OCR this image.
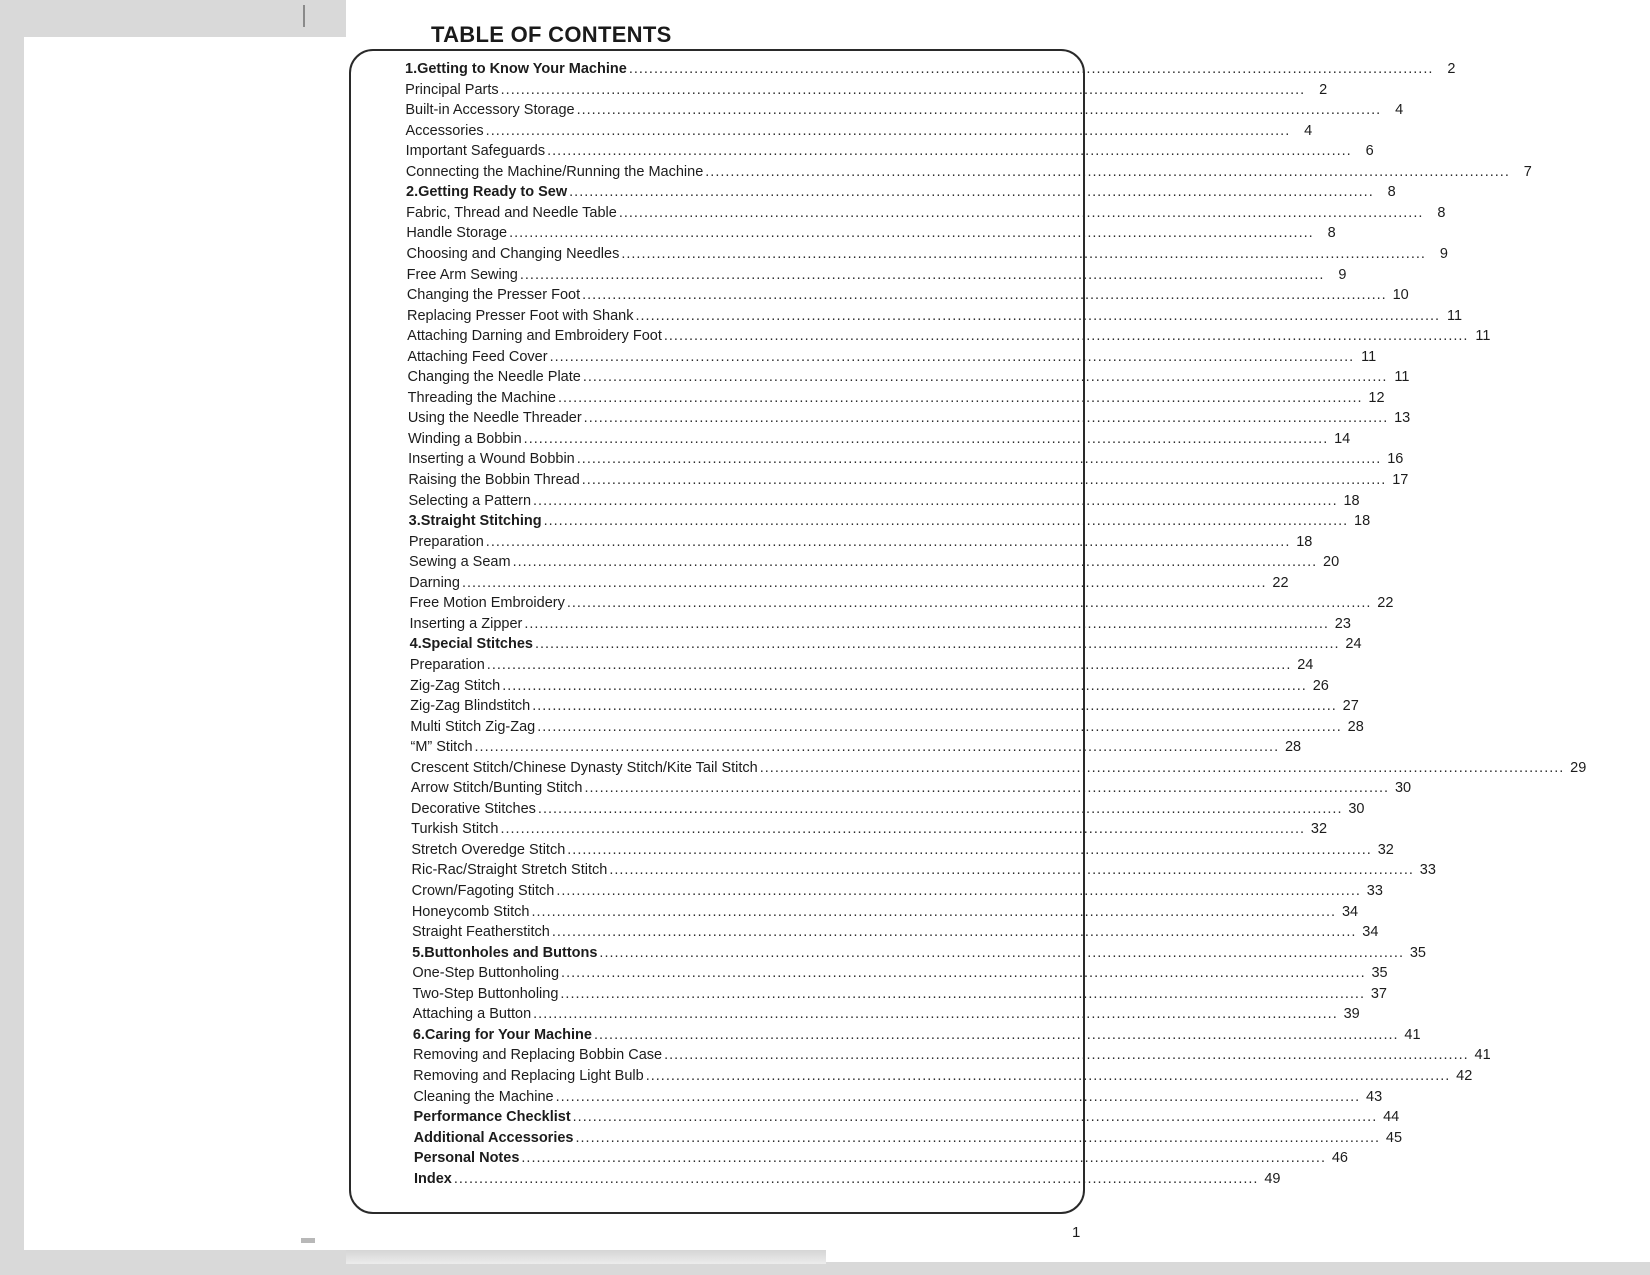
TABLE OF CONTENTS
1. Getting to Know Your Machine ................................................................................................................................................................ 2
Principal Parts ................................................................................................................................................................ 2
Built-in Accessory Storage ................................................................................................................................................................ 4
Accessories ................................................................................................................................................................ 4
Important Safeguards ................................................................................................................................................................ 6
Connecting the Machine/Running the Machine ................................................................................................................................................................ 7
2. Getting Ready to Sew ................................................................................................................................................................ 8
Fabric, Thread and Needle Table ................................................................................................................................................................ 8
Handle Storage ................................................................................................................................................................ 8
Choosing and Changing Needles ................................................................................................................................................................ 9
Free Arm Sewing ................................................................................................................................................................ 9
Changing the Presser Foot ................................................................................................................................................................ 10
Replacing Presser Foot with Shank ................................................................................................................................................................ 11
Attaching Darning and Embroidery Foot ................................................................................................................................................................ 11
Attaching Feed Cover ................................................................................................................................................................ 11
Changing the Needle Plate ................................................................................................................................................................ 11
Threading the Machine ................................................................................................................................................................ 12
Using the Needle Threader ................................................................................................................................................................ 13
Winding a Bobbin ................................................................................................................................................................ 14
Inserting a Wound Bobbin ................................................................................................................................................................ 16
Raising the Bobbin Thread ................................................................................................................................................................ 17
Selecting a Pattern ................................................................................................................................................................ 18
3. Straight Stitching ................................................................................................................................................................ 18
Preparation ................................................................................................................................................................ 18
Sewing a Seam ................................................................................................................................................................ 20
Darning ................................................................................................................................................................ 22
Free Motion Embroidery ................................................................................................................................................................ 22
Inserting a Zipper ................................................................................................................................................................ 23
4. Special Stitches ................................................................................................................................................................ 24
Preparation ................................................................................................................................................................ 24
Zig-Zag Stitch ................................................................................................................................................................ 26
Zig-Zag Blindstitch ................................................................................................................................................................ 27
Multi Stitch Zig-Zag ................................................................................................................................................................ 28
“M” Stitch ................................................................................................................................................................ 28
Crescent Stitch/Chinese Dynasty Stitch/Kite Tail Stitch ................................................................................................................................................................ 29
Arrow Stitch/Bunting Stitch ................................................................................................................................................................ 30
Decorative Stitches ................................................................................................................................................................ 30
Turkish Stitch ................................................................................................................................................................ 32
Stretch Overedge Stitch ................................................................................................................................................................ 32
Ric-Rac/Straight Stretch Stitch ................................................................................................................................................................ 33
Crown/Fagoting Stitch ................................................................................................................................................................ 33
Honeycomb Stitch ................................................................................................................................................................ 34
Straight Featherstitch ................................................................................................................................................................ 34
5. Buttonholes and Buttons ................................................................................................................................................................ 35
One-Step Buttonholing ................................................................................................................................................................ 35
Two-Step Buttonholing ................................................................................................................................................................ 37
Attaching a Button ................................................................................................................................................................ 39
6. Caring for Your Machine ................................................................................................................................................................ 41
Removing and Replacing Bobbin Case ................................................................................................................................................................ 41
Removing and Replacing Light Bulb ................................................................................................................................................................ 42
Cleaning the Machine ................................................................................................................................................................ 43
Performance Checklist ................................................................................................................................................................ 44
Additional Accessories ................................................................................................................................................................ 45
Personal Notes ................................................................................................................................................................ 46
Index ................................................................................................................................................................ 49
1
